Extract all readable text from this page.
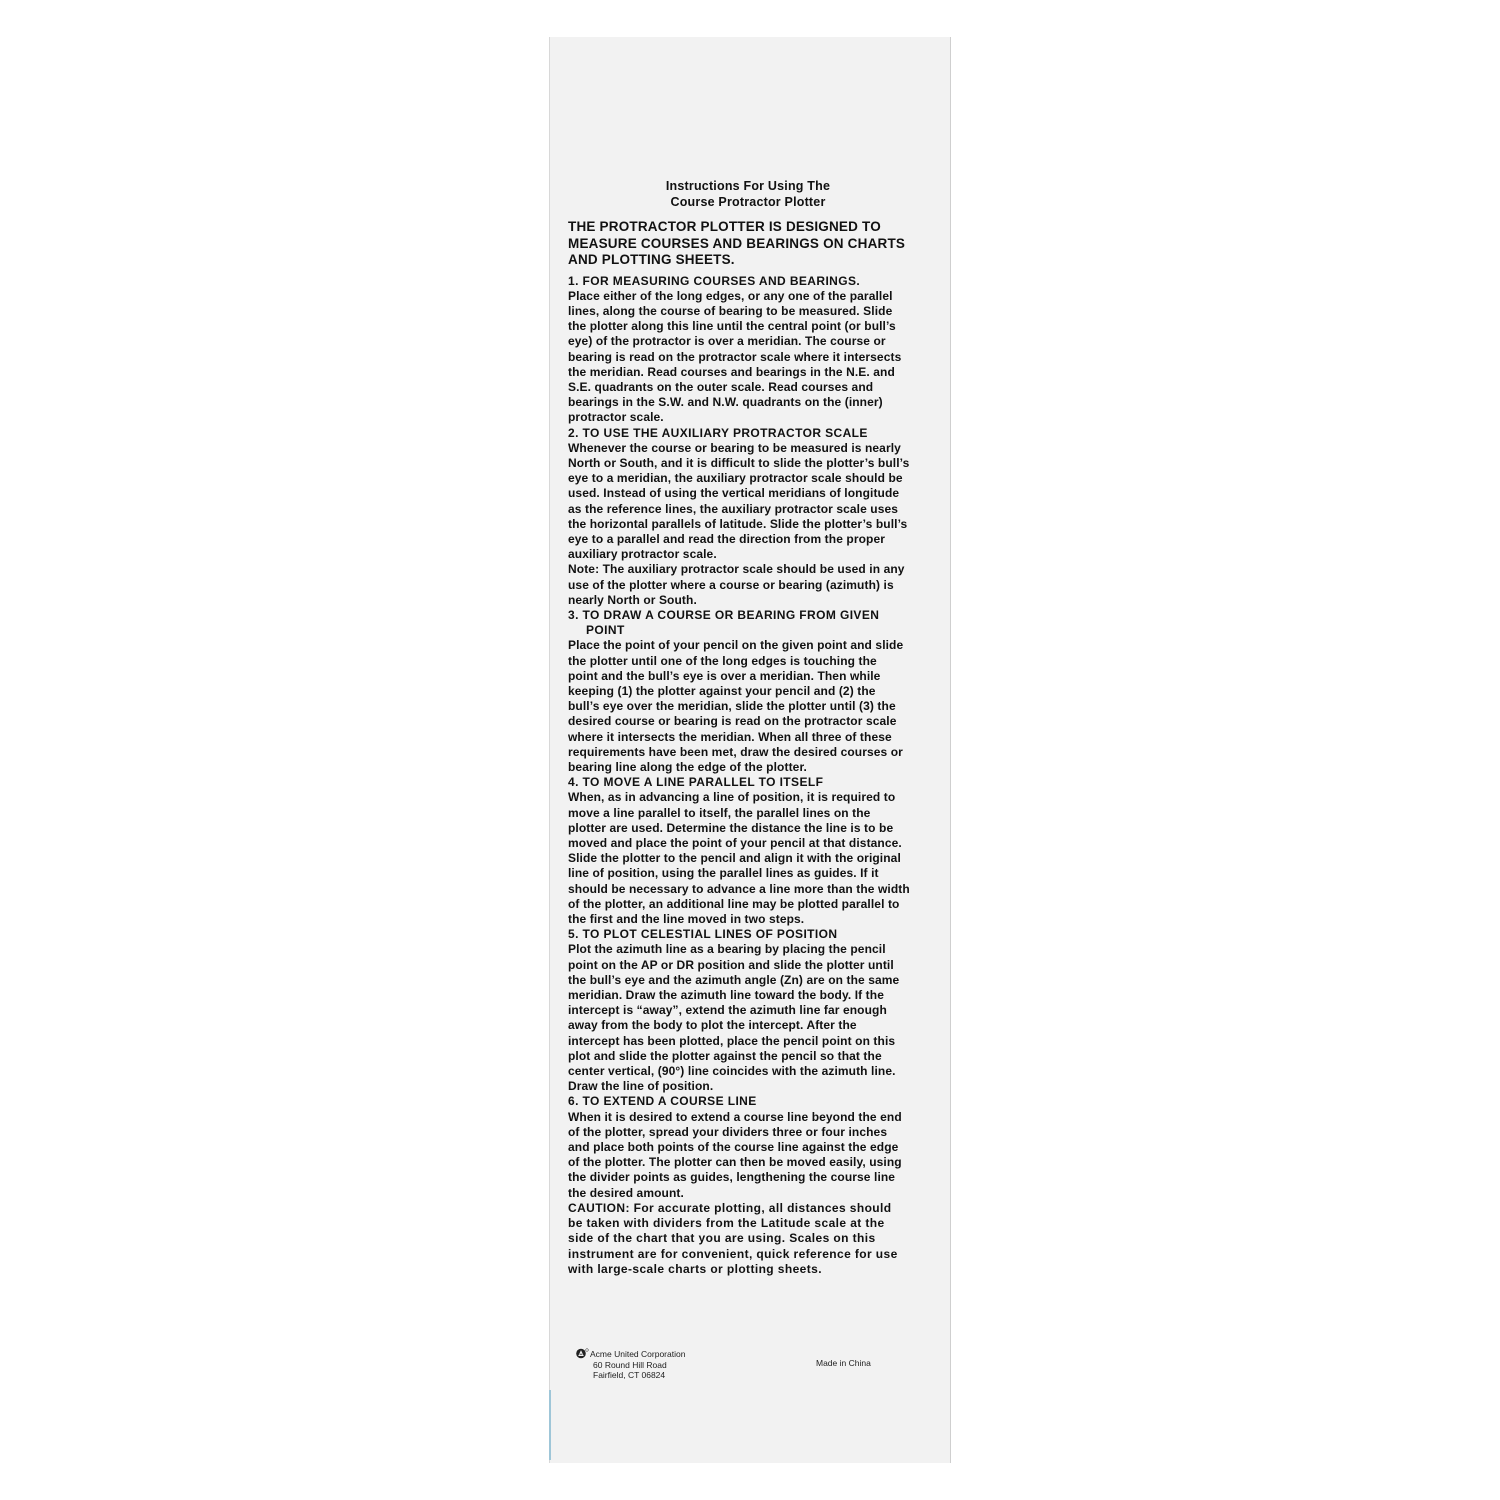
Instructions For Using The
Course Protractor Plotter

THE PROTRACTOR PLOTTER IS DESIGNED TO MEASURE COURSES AND BEARINGS ON CHARTS AND PLOTTING SHEETS.

1. FOR MEASURING COURSES AND BEARINGS.

Place either of the long edges, or any one of the parallel lines, along the course of bearing to be measured. Slide the plotter along this line until the central point (or bull’s eye) of the protractor is over a meridian. The course or bearing is read on the protractor scale where it intersects the meridian. Read courses and bearings in the N.E. and S.E. quadrants on the outer scale. Read courses and bearings in the S.W. and N.W. quadrants on the (inner) protractor scale.

2. TO USE THE AUXILIARY PROTRACTOR SCALE

Whenever the course or bearing to be measured is nearly North or South, and it is difficult to slide the plotter’s bull’s eye to a meridian, the auxiliary protractor scale should be used. Instead of using the vertical meridians of longitude as the reference lines, the auxiliary protractor scale uses the horizontal parallels of latitude. Slide the plotter’s bull’s eye to a parallel and read the direction from the proper auxiliary protractor scale.

Note: The auxiliary protractor scale should be used in any use of the plotter where a course or bearing (azimuth) is nearly North or South.

3. TO DRAW A COURSE OR BEARING FROM GIVEN POINT

Place the point of your pencil on the given point and slide the plotter until one of the long edges is touching the point and the bull’s eye is over a meridian. Then while keeping (1) the plotter against your pencil and (2) the bull’s eye over the meridian, slide the plotter until (3) the desired course or bearing is read on the protractor scale where it intersects the meridian. When all three of these requirements have been met, draw the desired courses or bearing line along the edge of the plotter.

4. TO MOVE A LINE PARALLEL TO ITSELF

When, as in advancing a line of position, it is required to move a line parallel to itself, the parallel lines on the plotter are used. Determine the distance the line is to be moved and place the point of your pencil at that distance. Slide the plotter to the pencil and align it with the original line of position, using the parallel lines as guides. If it should be necessary to advance a line more than the width of the plotter, an additional line may be plotted parallel to the first and the line moved in two steps.

5. TO PLOT CELESTIAL LINES OF POSITION

Plot the azimuth line as a bearing by placing the pencil point on the AP or DR position and slide the plotter until the bull’s eye and the azimuth angle (Zn) are on the same meridian. Draw the azimuth line toward the body. If the intercept is “away”, extend the azimuth line far enough away from the body to plot the intercept. After the intercept has been plotted, place the pencil point on this plot and slide the plotter against the pencil so that the center vertical, (90°) line coincides with the azimuth line. Draw the line of position.

6. TO EXTEND A COURSE LINE

When it is desired to extend a course line beyond the end of the plotter, spread your dividers three or four inches and place both points of the course line against the edge of the plotter. The plotter can then be moved easily, using the divider points as guides, lengthening the course line the desired amount.

CAUTION: For accurate plotting, all distances should be taken with dividers from the Latitude scale at the side of the chart that you are using. Scales on this instrument are for convenient, quick reference for use with large-scale charts or plotting sheets.

Acme United Corporation
60 Round Hill Road
Fairfield, CT 06824
Made in China
